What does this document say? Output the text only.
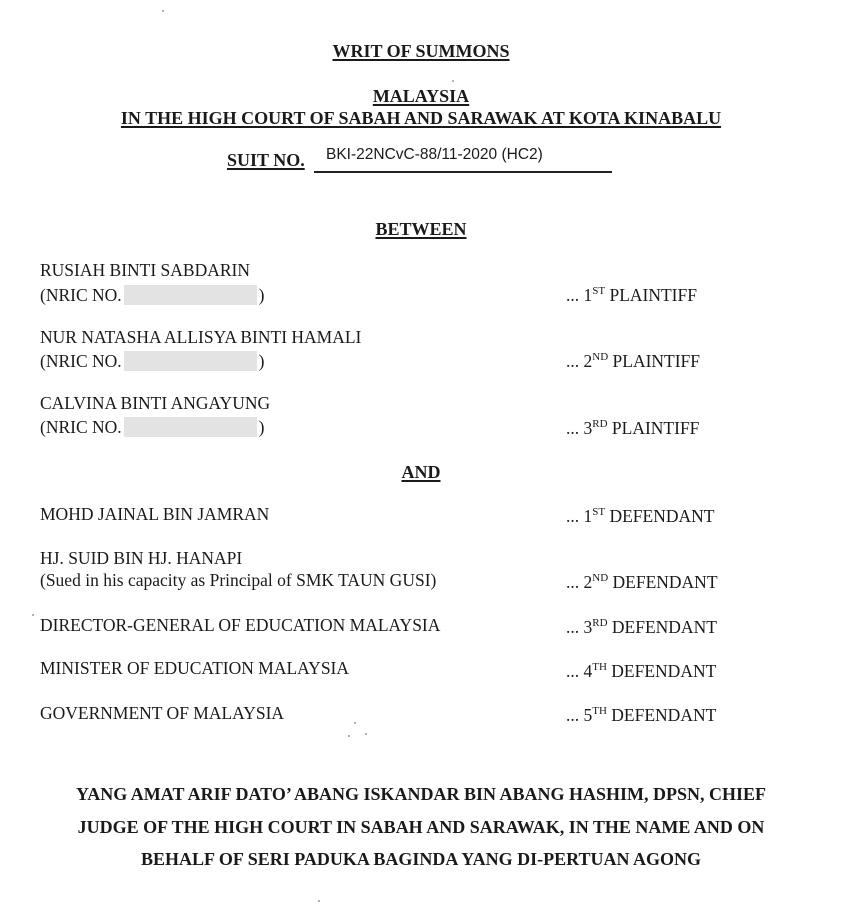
WRIT OF SUMMONS
MALAYSIA
IN THE HIGH COURT OF SABAH AND SARAWAK AT KOTA KINABALU
SUIT NO. BKI-22NCvC-88/11-2020 (HC2)
BETWEEN
RUSIAH BINTI SABDARIN
(NRIC NO.	)	... 1ST PLAINTIFF
NUR NATASHA ALLISYA BINTI HAMALI
(NRIC NO.	)	... 2ND PLAINTIFF
CALVINA BINTI ANGAYUNG
(NRIC NO.	)	... 3RD PLAINTIFF
AND
MOHD JAINAL BIN JAMRAN	... 1ST DEFENDANT
HJ. SUID BIN HJ. HANAPI
(Sued in his capacity as Principal of SMK TAUN GUSI)	... 2ND DEFENDANT
DIRECTOR-GENERAL OF EDUCATION MALAYSIA	... 3RD DEFENDANT
MINISTER OF EDUCATION MALAYSIA	... 4TH DEFENDANT
GOVERNMENT OF MALAYSIA	... 5TH DEFENDANT
YANG AMAT ARIF DATO’ ABANG ISKANDAR BIN ABANG HASHIM, DPSN, CHIEF
JUDGE OF THE HIGH COURT IN SABAH AND SARAWAK, IN THE NAME AND ON
BEHALF OF SERI PADUKA BAGINDA YANG DI-PERTUAN AGONG
